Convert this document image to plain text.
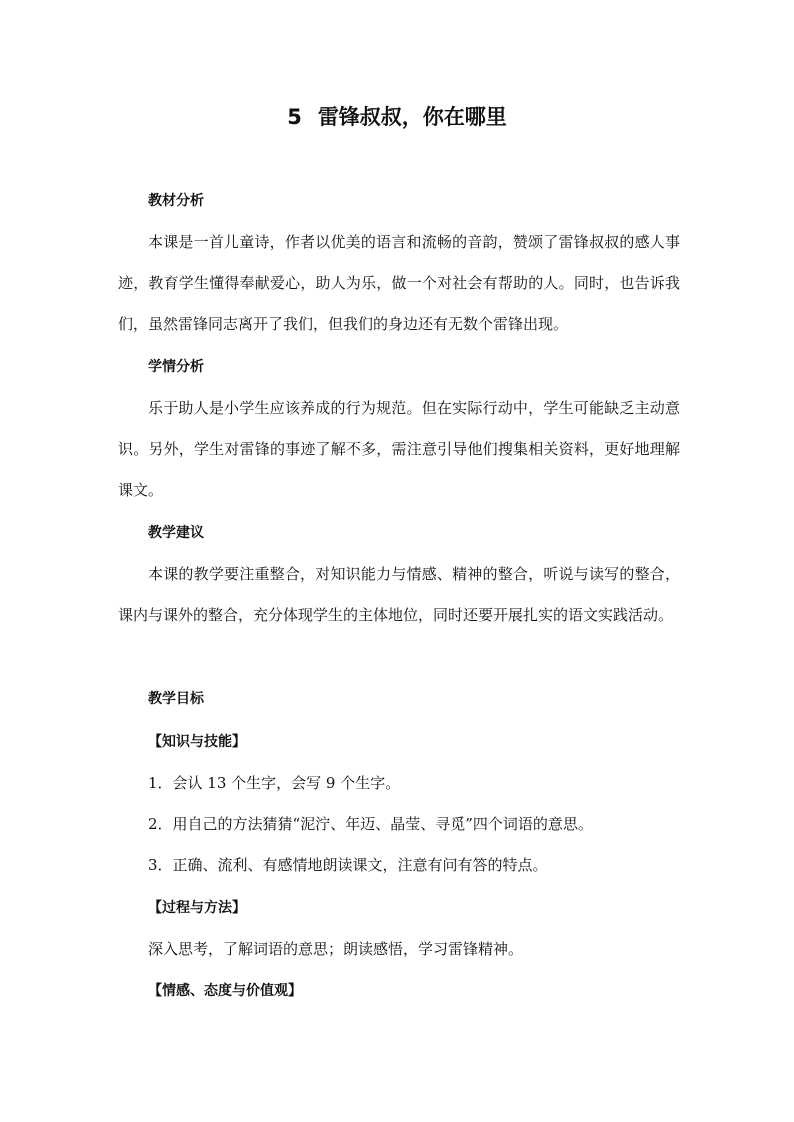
5 雷锋叔叔，你在哪里

教材分析

本课是一首儿童诗，作者以优美的语言和流畅的音韵，赞颂了雷锋叔叔的感人事迹，教育学生懂得奉献爱心，助人为乐，做一个对社会有帮助的人。同时，也告诉我们，虽然雷锋同志离开了我们，但我们的身边还有无数个雷锋出现。

学情分析

乐于助人是小学生应该养成的行为规范。但在实际行动中，学生可能缺乏主动意识。另外，学生对雷锋的事迹了解不多，需注意引导他们搜集相关资料，更好地理解课文。

教学建议

本课的教学要注重整合，对知识能力与情感、精神的整合，听说与读写的整合，课内与课外的整合，充分体现学生的主体地位，同时还要开展扎实的语文实践活动。

教学目标

【知识与技能】

1．会认 13 个生字，会写 9 个生字。

2．用自己的方法猜猜“泥泞、年迈、晶莹、寻觅”四个词语的意思。

3．正确、流利、有感情地朗读课文，注意有问有答的特点。

【过程与方法】

深入思考，了解词语的意思；朗读感悟，学习雷锋精神。

【情感、态度与价值观】
